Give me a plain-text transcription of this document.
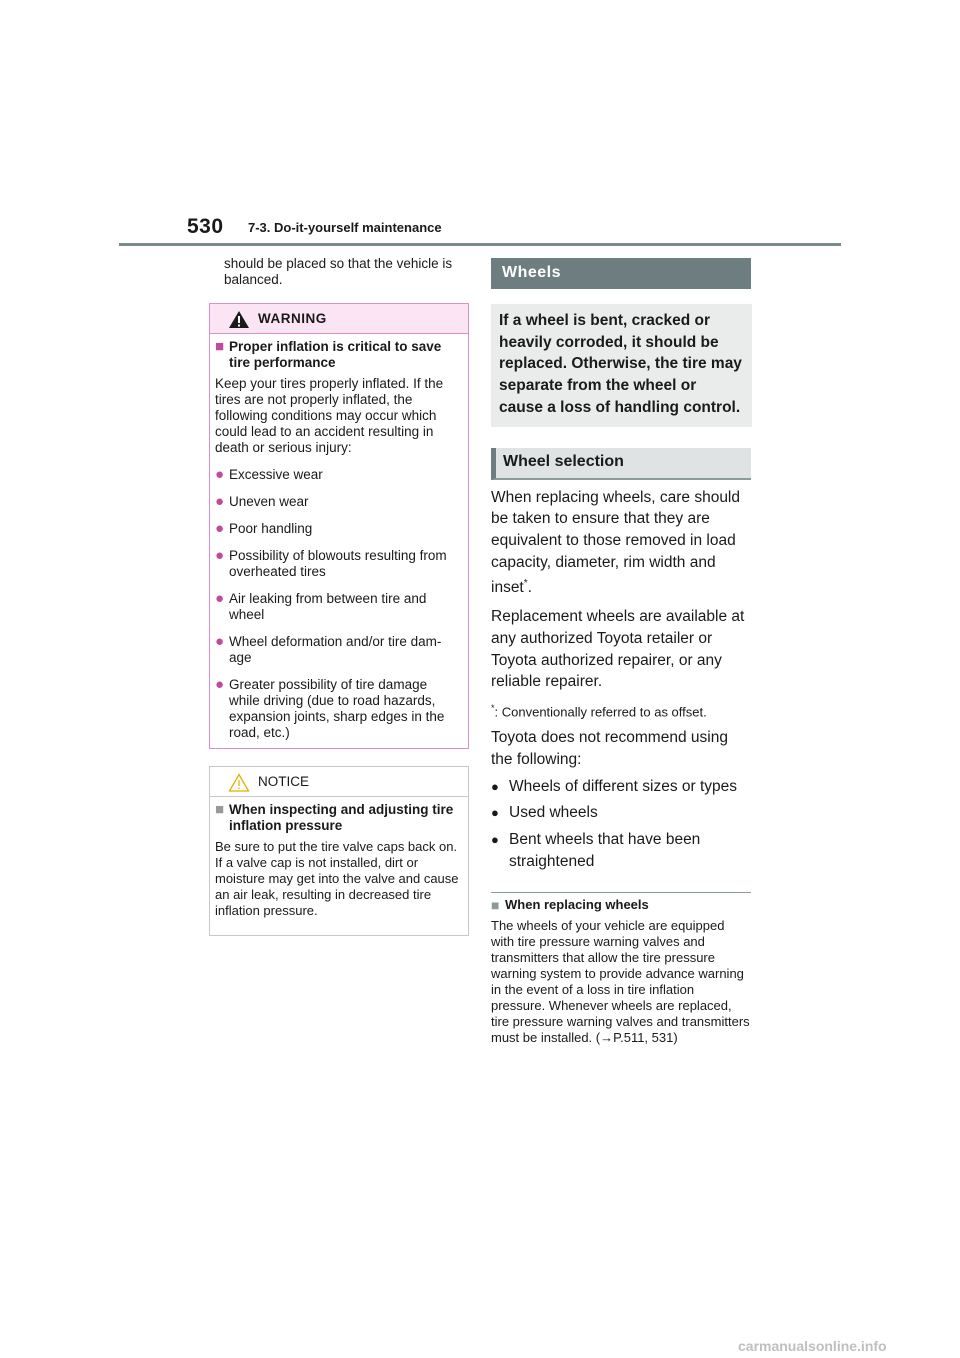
530 7-3. Do-it-yourself maintenance

should be placed so that the vehicle is balanced.

WARNING
■ Proper inflation is critical to save tire performance

Keep your tires properly inflated. If the tires are not properly inflated, the following conditions may occur which could lead to an accident resulting in death or serious injury:

● Excessive wear
● Uneven wear
● Poor handling
● Possibility of blowouts resulting from overheated tires
● Air leaking from between tire and wheel
● Wheel deformation and/or tire dam- age
● Greater possibility of tire damage while driving (due to road hazards, expansion joints, sharp edges in the road, etc.)
NOTICE
■ When inspecting and adjusting tire inflation pressure

Be sure to put the tire valve caps back on.
If a valve cap is not installed, dirt or moisture may get into the valve and cause an air leak, resulting in decreased tire inflation pressure.

Wheels

If a wheel is bent, cracked or heavily corroded, it should be replaced. Otherwise, the tire may separate from the wheel or cause a loss of handling control.

Wheel selection

When replacing wheels, care should be taken to ensure that they are equivalent to those removed in load capacity, diameter, rim width and inset*.

Replacement wheels are available at any authorized Toyota retailer or Toyota authorized repairer, or any reliable repairer.

*: Conventionally referred to as offset.

Toyota does not recommend using the following:

● Wheels of different sizes or types
● Used wheels
● Bent wheels that have been straightened
■ When replacing wheels

The wheels of your vehicle are equipped with tire pressure warning valves and transmitters that allow the tire pressure warning system to provide advance warning in the event of a loss in tire inflation pressure. Whenever wheels are replaced, tire pressure warning valves and transmitters must be installed. (→P.511, 531)

carmanualsonline.info
